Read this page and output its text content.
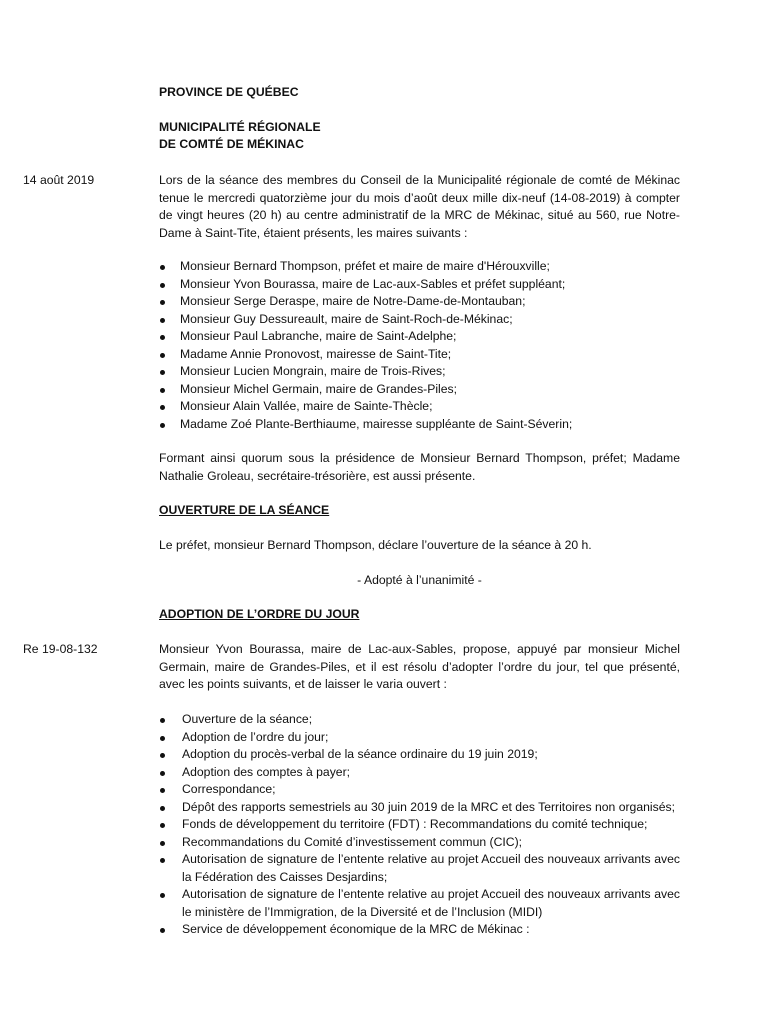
PROVINCE DE QUÉBEC
MUNICIPALITÉ RÉGIONALE
DE COMTÉ DE MÉKINAC
14 août 2019	Lors de la séance des membres du Conseil de la Municipalité régionale de comté de Mékinac tenue le mercredi quatorzième jour du mois d’août deux mille dix-neuf (14-08-2019) à compter de vingt heures (20 h) au centre administratif de la MRC de Mékinac, situé au 560, rue Notre-Dame à Saint-Tite, étaient présents, les maires suivants :
Monsieur Bernard Thompson, préfet et maire de maire d'Hérouxville;
Monsieur Yvon Bourassa, maire de Lac-aux-Sables et préfet suppléant;
Monsieur Serge Deraspe, maire de Notre-Dame-de-Montauban;
Monsieur Guy Dessureault, maire de Saint-Roch-de-Mékinac;
Monsieur Paul Labranche, maire de Saint-Adelphe;
Madame Annie Pronovost, mairesse de Saint-Tite;
Monsieur Lucien Mongrain, maire de Trois-Rives;
Monsieur Michel Germain, maire de Grandes-Piles;
Monsieur Alain Vallée, maire de Sainte-Thècle;
Madame Zoé Plante-Berthiaume, mairesse suppléante de Saint-Séverin;
Formant ainsi quorum sous la présidence de Monsieur Bernard Thompson, préfet; Madame Nathalie Groleau, secrétaire-trésorière, est aussi présente.
OUVERTURE DE LA SÉANCE
Le préfet, monsieur Bernard Thompson, déclare l’ouverture de la séance à 20 h.
- Adopté à l’unanimité -
ADOPTION DE L’ORDRE DU JOUR
Re 19-08-132	Monsieur Yvon Bourassa, maire de Lac-aux-Sables, propose, appuyé par monsieur Michel Germain, maire de Grandes-Piles, et il est résolu d’adopter l’ordre du jour, tel que présenté, avec les points suivants, et de laisser le varia ouvert :
Ouverture de la séance;
Adoption de l’ordre du jour;
Adoption du procès-verbal de la séance ordinaire du 19 juin 2019;
Adoption des comptes à payer;
Correspondance;
Dépôt des rapports semestriels au 30 juin 2019 de la MRC et des Territoires non organisés;
Fonds de développement du territoire (FDT) : Recommandations du comité technique;
Recommandations du Comité d’investissement commun (CIC);
Autorisation de signature de l’entente relative au projet Accueil des nouveaux arrivants avec la Fédération des Caisses Desjardins;
Autorisation de signature de l’entente relative au projet Accueil des nouveaux arrivants avec le ministère de l’Immigration, de la Diversité et de l’Inclusion (MIDI)
Service de développement économique de la MRC de Mékinac :
